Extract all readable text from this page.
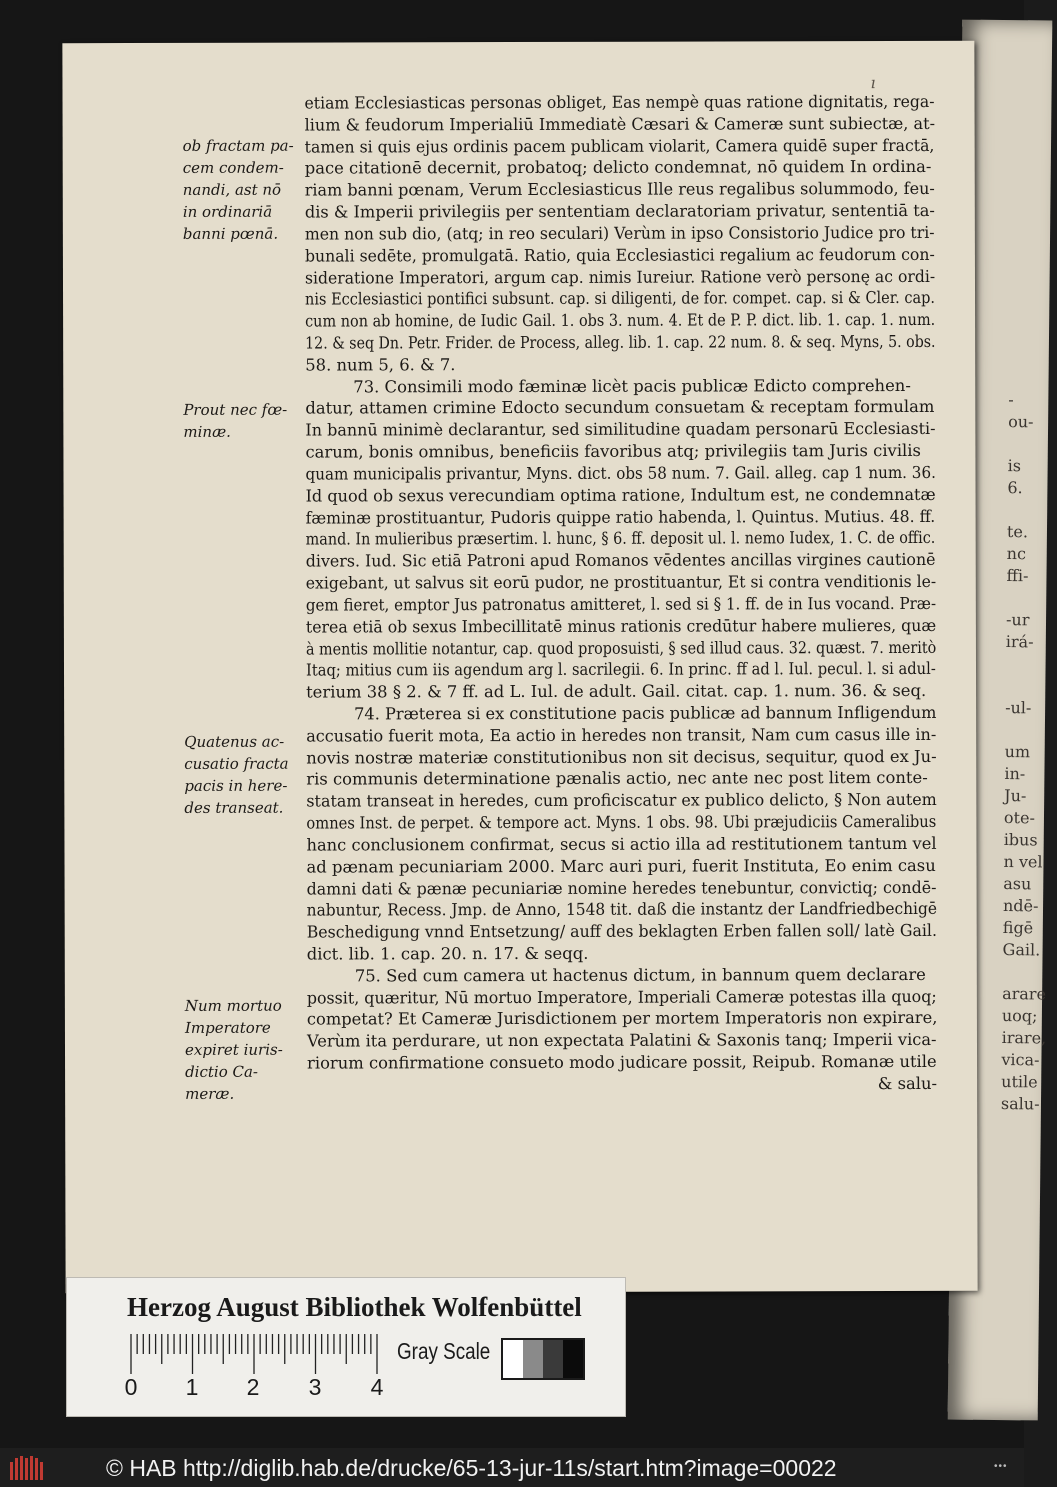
-
ou-
is
6.
te.
nc
ffi-
-ur
irá-
-ul-
um
in-
Ju-
ote-
ibus
n vel
asu
ndē-
figē
Gail.
arare
uoq;
irare,
vica-
utile
salu-
ı
ob fractam pa-
cem condem-
nandi, ast nō
in ordinariā
banni pœnā.
Prout nec fœ-
minæ.
Quatenus ac-
cusatio fracta
pacis in here-
des transeat.
Num mortuo
Imperatore
expiret iuris-
dictio Ca-
meræ.
etiam Ecclesiasticas personas obliget, Eas nempè quas ratione dignitatis, rega-
lium & feudorum Imperialiū Immediatè Cæsari & Cameræ sunt subiectæ, at-
tamen si quis ejus ordinis pacem publicam violarit, Camera quidē super fractā,
pace citationē decernit, probatoq; delicto condemnat, nō quidem In ordina-
riam banni pœnam, Verum Ecclesiasticus Ille reus regalibus solummodo, feu-
dis & Imperii privilegiis per sententiam declaratoriam privatur, sententiā ta-
men non sub dio, (atq; in reo seculari) Verùm in ipso Consistorio Judice pro tri-
bunali sedēte, promulgatā. Ratio, quia Ecclesiastici regalium ac feudorum con-
sideratione Imperatori, argum cap. nimis Iureiur. Ratione verò personę ac ordi-
nis Ecclesiastici pontifici subsunt. cap. si diligenti, de for. compet. cap. si & Cler. cap.
cum non ab homine, de Iudic Gail. 1. obs 3. num. 4. Et de P. P. dict. lib. 1. cap. 1. num.
12. & seq Dn. Petr. Frider. de Process, alleg. lib. 1. cap. 22 num. 8. & seq. Myns, 5. obs.
58. num 5, 6. & 7.
73. Consimili modo fæminæ licèt pacis publicæ Edicto comprehen-
datur, attamen crimine Edocto secundum consuetam & receptam formulam
In bannū minimè declarantur, sed similitudine quadam personarū Ecclesiasti-
carum, bonis omnibus, beneficiis favoribus atq; privilegiis tam Juris civilis
quam municipalis privantur, Myns. dict. obs 58 num. 7. Gail. alleg. cap 1 num. 36.
Id quod ob sexus verecundiam optima ratione, Indultum est, ne condemnatæ
fæminæ prostituantur, Pudoris quippe ratio habenda, l. Quintus. Mutius. 48. ff.
mand. In mulieribus præsertim. l. hunc, § 6. ff. deposit ul. l. nemo Iudex, 1. C. de offic.
divers. Iud. Sic etiā Patroni apud Romanos vēdentes ancillas virgines cautionē
exigebant, ut salvus sit eorū pudor, ne prostituantur, Et si contra venditionis le-
gem fieret, emptor Jus patronatus amitteret, l. sed si § 1. ff. de in Ius vocand. Præ-
terea etiā ob sexus Imbecillitatē minus rationis credūtur habere mulieres, quæ
à mentis mollitie notantur, cap. quod proposuisti, § sed illud caus. 32. quæst. 7. meritò
Itaq; mitius cum iis agendum arg l. sacrilegii. 6. In princ. ff ad l. Iul. pecul. l. si adul-
terium 38 § 2. & 7 ff. ad L. Iul. de adult. Gail. citat. cap. 1. num. 36. & seq.
74. Præterea si ex constitutione pacis publicæ ad bannum Infligendum
accusatio fuerit mota, Ea actio in heredes non transit, Nam cum casus ille in-
novis nostræ materiæ constitutionibus non sit decisus, sequitur, quod ex Ju-
ris communis determinatione pænalis actio, nec ante nec post litem conte-
statam transeat in heredes, cum proficiscatur ex publico delicto, § Non autem
omnes Inst. de perpet. & tempore act. Myns. 1 obs. 98. Ubi præjudiciis Cameralibus
hanc conclusionem confirmat, secus si actio illa ad restitutionem tantum vel
ad pænam pecuniariam 2000. Marc auri puri, fuerit Instituta, Eo enim casu
damni dati & pænæ pecuniariæ nomine heredes tenebuntur, convictiq; condē-
nabuntur, Recess. Jmp. de Anno, 1548 tit. daß die instantz der Landfriedbechigē
Beschedigung vnnd Entsetzung/ auff des beklagten Erben fallen soll/ latè Gail.
dict. lib. 1. cap. 20. n. 17. & seqq.
75. Sed cum camera ut hactenus dictum, in bannum quem declarare
possit, quæritur, Nū mortuo Imperatore, Imperiali Cameræ potestas illa quoq;
competat? Et Cameræ Jurisdictionem per mortem Imperatoris non expirare,
Verùm ita perdurare, ut non expectata Palatini & Saxonis tanq; Imperii vica-
riorum confirmatione consueto modo judicare possit, Reipub. Romanæ utile
& salu-
Herzog August Bibliothek Wolfenbüttel
0 1 2 3 4
Gray Scale
© HAB http://diglib.hab.de/drucke/65-13-jur-11s/start.htm?image=00022	•••
